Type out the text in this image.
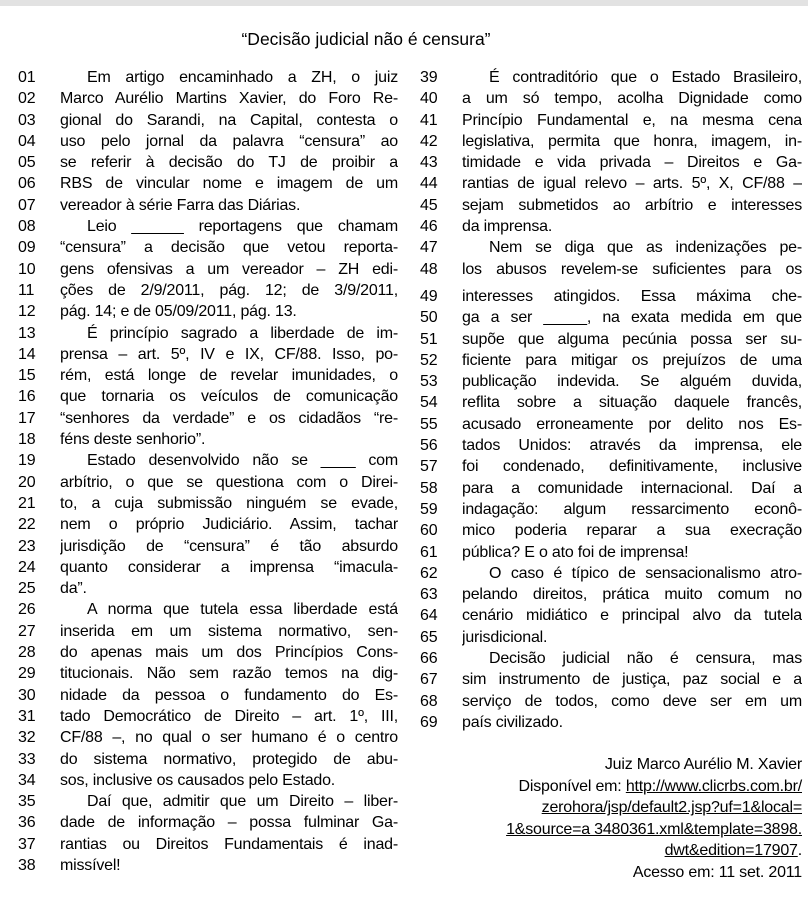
“Decisão judicial não é censura”
01	Em artigo encaminhado a ZH, o juiz
02	Marco Aurélio Martins Xavier, do Foro Re-
03	gional do Sarandi, na Capital, contesta o
04	uso pelo jornal da palavra “censura” ao
05	se referir à decisão do TJ de proibir a
06	RBS de vincular nome e imagem de um
07	vereador à série Farra das Diárias.
08	Leio ______ reportagens que chamam
09	“censura” a decisão que vetou reporta-
10	gens ofensivas a um vereador – ZH edi-
11	ções de 2/9/2011, pág. 12; de 3/9/2011,
12	pág. 14; e de 05/09/2011, pág. 13.
13	É princípio sagrado a liberdade de im-
14	prensa – art. 5º, IV e IX, CF/88. Isso, po-
15	rém, está longe de revelar imunidades, o
16	que tornaria os veículos de comunicação
17	“senhores da verdade” e os cidadãos “re-
18	féns deste senhorio”.
19	Estado desenvolvido não se ____ com
20	arbítrio, o que se questiona com o Direi-
21	to, a cuja submissão ninguém se evade,
22	nem o próprio Judiciário. Assim, tachar
23	jurisdição de “censura” é tão absurdo
24	quanto considerar a imprensa “imacula-
25	da”.
26	A norma que tutela essa liberdade está
27	inserida em um sistema normativo, sen-
28	do apenas mais um dos Princípios Cons-
29	titucionais. Não sem razão temos na dig-
30	nidade da pessoa o fundamento do Es-
31	tado Democrático de Direito – art. 1º, III,
32	CF/88 –, no qual o ser humano é o centro
33	do sistema normativo, protegido de abu-
34	sos, inclusive os causados pelo Estado.
35	Daí que, admitir que um Direito – liber-
36	dade de informação – possa fulminar Ga-
37	rantias ou Direitos Fundamentais é inad-
38	missível!
39	É contraditório que o Estado Brasileiro,
40	a um só tempo, acolha Dignidade como
41	Princípio Fundamental e, na mesma cena
42	legislativa, permita que honra, imagem, in-
43	timidade e vida privada – Direitos e Ga-
44	rantias de igual relevo – arts. 5º, X, CF/88 –
45	sejam submetidos ao arbítrio e interesses
46	da imprensa.
47	Nem se diga que as indenizações pe-
48	los abusos revelem-se suficientes para os
49	interesses atingidos. Essa máxima che-
50	ga a ser _____, na exata medida em que
51	supõe que alguma pecúnia possa ser su-
52	ficiente para mitigar os prejuízos de uma
53	publicação indevida. Se alguém duvida,
54	reflita sobre a situação daquele francês,
55	acusado erroneamente por delito nos Es-
56	tados Unidos: através da imprensa, ele
57	foi condenado, definitivamente, inclusive
58	para a comunidade internacional. Daí a
59	indagação: algum ressarcimento econô-
60	mico poderia reparar a sua execração
61	pública? E o ato foi de imprensa!
62	O caso é típico de sensacionalismo atro-
63	pelando direitos, prática muito comum no
64	cenário midiático e principal alvo da tutela
65	jurisdicional.
66	Decisão judicial não é censura, mas
67	sim instrumento de justiça, paz social e a
68	serviço de todos, como deve ser em um
69	país civilizado.
Juiz Marco Aurélio M. Xavier
Disponível em: http://www.clicrbs.com.br/
zerohora/jsp/default2.jsp?uf=1&local=
1&source=a 3480361.xml&template=3898.
dwt&edition=17907.
Acesso em: 11 set. 2011
